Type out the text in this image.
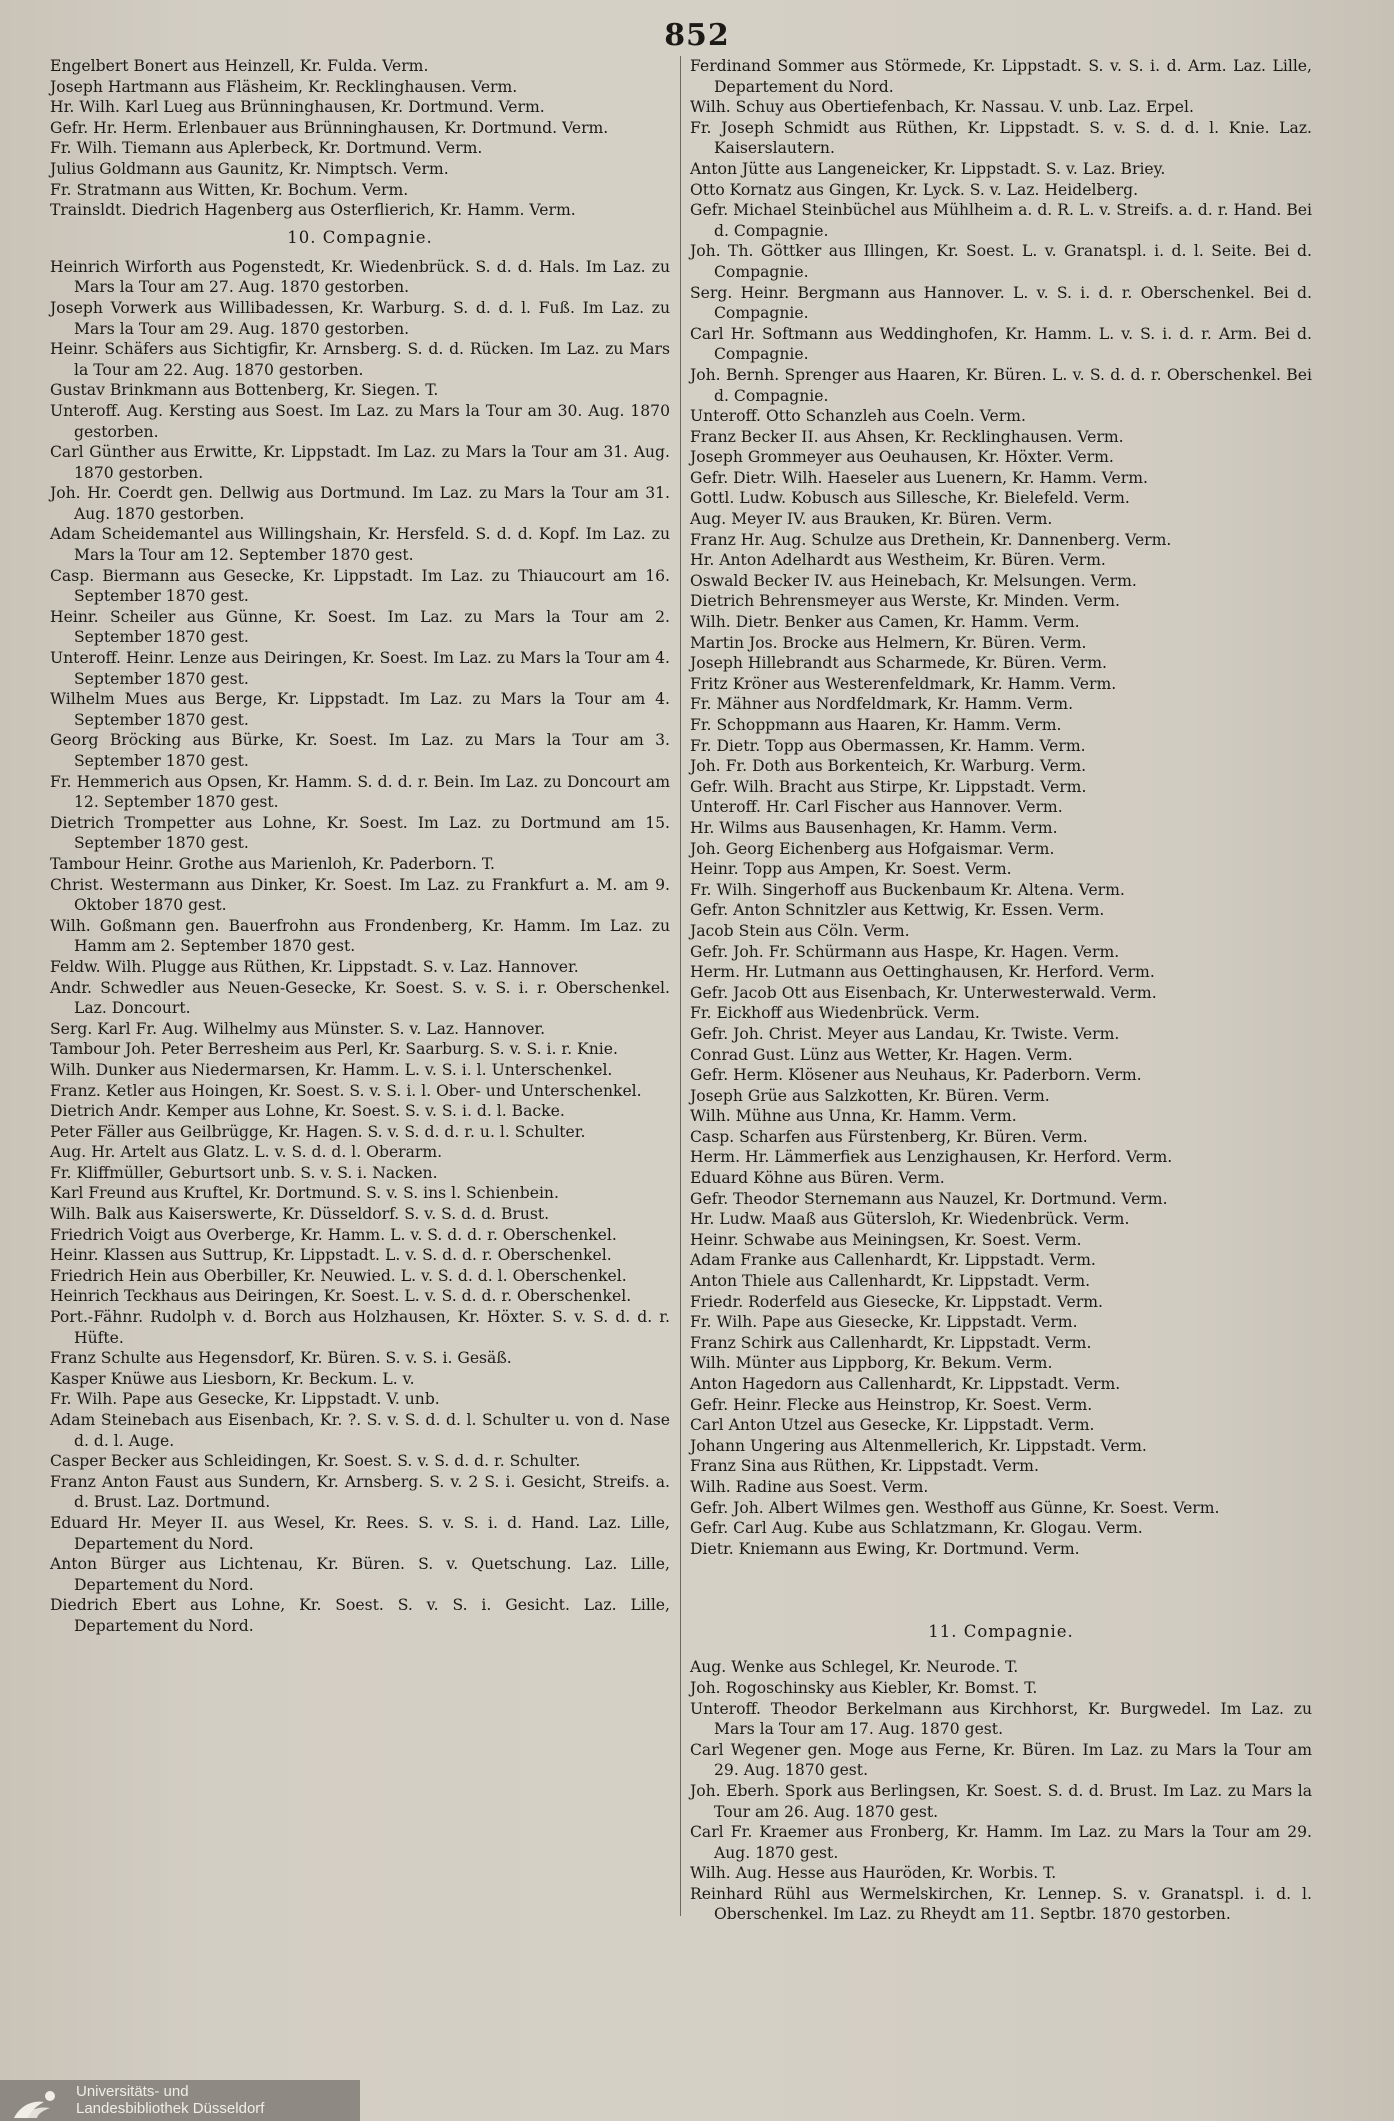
852
Engelbert Bonert aus Heinzell, Kr. Fulda. Verm.
Joseph Hartmann aus Fläsheim, Kr. Recklinghausen. Verm.
Hr. Wilh. Karl Lueg aus Brünninghausen, Kr. Dortmund. Verm.
Gefr. Hr. Herm. Erlenbauer aus Brünninghausen, Kr. Dortmund. Verm.
Fr. Wilh. Tiemann aus Aplerbeck, Kr. Dortmund. Verm.
Julius Goldmann aus Gaunitz, Kr. Nimptsch. Verm.
Fr. Stratmann aus Witten, Kr. Bochum. Verm.
Trainsldt. Diedrich Hagenberg aus Osterflierich, Kr. Hamm. Verm.
10. Compagnie.
Heinrich Wirforth aus Pogenstedt, Kr. Wiedenbrück. S. d. d. Hals. Im Laz. zu Mars la Tour am 27. Aug. 1870 gestorben.
Joseph Vorwerk aus Willibadessen, Kr. Warburg. S. d. d. l. Fuß. Im Laz. zu Mars la Tour am 29. Aug. 1870 gestorben.
Heinr. Schäfers aus Sichtigfir, Kr. Arnsberg. S. d. d. Rücken. Im Laz. zu Mars la Tour am 22. Aug. 1870 gestorben.
Gustav Brinkmann aus Bottenberg, Kr. Siegen. T.
Unteroff. Aug. Kersting aus Soest. Im Laz. zu Mars la Tour am 30. Aug. 1870 gestorben.
Carl Günther aus Erwitte, Kr. Lippstadt. Im Laz. zu Mars la Tour am 31. Aug. 1870 gestorben.
Joh. Hr. Coerdt gen. Dellwig aus Dortmund. Im Laz. zu Mars la Tour am 31. Aug. 1870 gestorben.
Adam Scheidemantel aus Willingshain, Kr. Hersfeld. S. d. d. Kopf. Im Laz. zu Mars la Tour am 12. September 1870 gest.
Casp. Biermann aus Gesecke, Kr. Lippstadt. Im Laz. zu Thiaucourt am 16. September 1870 gest.
Heinr. Scheiler aus Günne, Kr. Soest. Im Laz. zu Mars la Tour am 2. September 1870 gest.
Unteroff. Heinr. Lenze aus Deiringen, Kr. Soest. Im Laz. zu Mars la Tour am 4. September 1870 gest.
Wilhelm Mues aus Berge, Kr. Lippstadt. Im Laz. zu Mars la Tour am 4. September 1870 gest.
Georg Bröcking aus Bürke, Kr. Soest. Im Laz. zu Mars la Tour am 3. September 1870 gest.
Fr. Hemmerich aus Opsen, Kr. Hamm. S. d. d. r. Bein. Im Laz. zu Doncourt am 12. September 1870 gest.
Dietrich Trompetter aus Lohne, Kr. Soest. Im Laz. zu Dortmund am 15. September 1870 gest.
Tambour Heinr. Grothe aus Marienloh, Kr. Paderborn. T.
Christ. Westermann aus Dinker, Kr. Soest. Im Laz. zu Frankfurt a. M. am 9. Oktober 1870 gest.
Wilh. Goßmann gen. Bauerfrohn aus Frondenberg, Kr. Hamm. Im Laz. zu Hamm am 2. September 1870 gest.
Feldw. Wilh. Plugge aus Rüthen, Kr. Lippstadt. S. v. Laz. Hannover.
Andr. Schwedler aus Neuen-Gesecke, Kr. Soest. S. v. S. i. r. Oberschenkel. Laz. Doncourt.
Serg. Karl Fr. Aug. Wilhelmy aus Münster. S. v. Laz. Hannover.
Tambour Joh. Peter Berresheim aus Perl, Kr. Saarburg. S. v. S. i. r. Knie.
Wilh. Dunker aus Niedermarsen, Kr. Hamm. L. v. S. i. l. Unterschenkel.
Franz. Ketler aus Hoingen, Kr. Soest. S. v. S. i. l. Ober- und Unterschenkel.
Dietrich Andr. Kemper aus Lohne, Kr. Soest. S. v. S. i. d. l. Backe.
Peter Fäller aus Geilbrügge, Kr. Hagen. S. v. S. d. d. r. u. l. Schulter.
Aug. Hr. Artelt aus Glatz. L. v. S. d. d. l. Oberarm.
Fr. Kliffmüller, Geburtsort unb. S. v. S. i. Nacken.
Karl Freund aus Kruftel, Kr. Dortmund. S. v. S. ins l. Schienbein.
Wilh. Balk aus Kaiserswerte, Kr. Düsseldorf. S. v. S. d. d. Brust.
Friedrich Voigt aus Overberge, Kr. Hamm. L. v. S. d. d. r. Oberschenkel.
Heinr. Klassen aus Suttrup, Kr. Lippstadt. L. v. S. d. d. r. Oberschenkel.
Friedrich Hein aus Oberbiller, Kr. Neuwied. L. v. S. d. d. l. Oberschenkel.
Heinrich Teckhaus aus Deiringen, Kr. Soest. L. v. S. d. d. r. Oberschenkel.
Port.-Fähnr. Rudolph v. d. Borch aus Holzhausen, Kr. Höxter. S. v. S. d. d. r. Hüfte.
Franz Schulte aus Hegensdorf, Kr. Büren. S. v. S. i. Gesäß.
Kasper Knüwe aus Liesborn, Kr. Beckum. L. v.
Fr. Wilh. Pape aus Gesecke, Kr. Lippstadt. V. unb.
Adam Steinebach aus Eisenbach, Kr. ?. S. v. S. d. d. l. Schulter u. von d. Nase d. d. l. Auge.
Casper Becker aus Schleidingen, Kr. Soest. S. v. S. d. d. r. Schulter.
Franz Anton Faust aus Sundern, Kr. Arnsberg. S. v. 2 S. i. Gesicht, Streifs. a. d. Brust. Laz. Dortmund.
Eduard Hr. Meyer II. aus Wesel, Kr. Rees. S. v. S. i. d. Hand. Laz. Lille, Departement du Nord.
Anton Bürger aus Lichtenau, Kr. Büren. S. v. Quetschung. Laz. Lille, Departement du Nord.
Diedrich Ebert aus Lohne, Kr. Soest. S. v. S. i. Gesicht. Laz. Lille, Departement du Nord.
Ferdinand Sommer aus Störmede, Kr. Lippstadt. S. v. S. i. d. Arm. Laz. Lille, Departement du Nord.
Wilh. Schuy aus Obertiefenbach, Kr. Nassau. V. unb. Laz. Erpel.
Fr. Joseph Schmidt aus Rüthen, Kr. Lippstadt. S. v. S. d. d. l. Knie. Laz. Kaiserslautern.
Anton Jütte aus Langeneicker, Kr. Lippstadt. S. v. Laz. Briey.
Otto Kornatz aus Gingen, Kr. Lyck. S. v. Laz. Heidelberg.
Gefr. Michael Steinbüchel aus Mühlheim a. d. R. L. v. Streifs. a. d. r. Hand. Bei d. Compagnie.
Joh. Th. Göttker aus Illingen, Kr. Soest. L. v. Granatspl. i. d. l. Seite. Bei d. Compagnie.
Serg. Heinr. Bergmann aus Hannover. L. v. S. i. d. r. Oberschenkel. Bei d. Compagnie.
Carl Hr. Softmann aus Weddinghofen, Kr. Hamm. L. v. S. i. d. r. Arm. Bei d. Compagnie.
Joh. Bernh. Sprenger aus Haaren, Kr. Büren. L. v. S. d. d. r. Oberschenkel. Bei d. Compagnie.
Unteroff. Otto Schanzleh aus Coeln. Verm.
Franz Becker II. aus Ahsen, Kr. Recklinghausen. Verm.
Joseph Grommeyer aus Oeuhausen, Kr. Höxter. Verm.
Gefr. Dietr. Wilh. Haeseler aus Luenern, Kr. Hamm. Verm.
Gottl. Ludw. Kobusch aus Sillesche, Kr. Bielefeld. Verm.
Aug. Meyer IV. aus Brauken, Kr. Büren. Verm.
Franz Hr. Aug. Schulze aus Drethein, Kr. Dannenberg. Verm.
Hr. Anton Adelhardt aus Westheim, Kr. Büren. Verm.
Oswald Becker IV. aus Heinebach, Kr. Melsungen. Verm.
Dietrich Behrensmeyer aus Werste, Kr. Minden. Verm.
Wilh. Dietr. Benker aus Camen, Kr. Hamm. Verm.
Martin Jos. Brocke aus Helmern, Kr. Büren. Verm.
Joseph Hillebrandt aus Scharmede, Kr. Büren. Verm.
Fritz Kröner aus Westerenfeldmark, Kr. Hamm. Verm.
Fr. Mähner aus Nordfeldmark, Kr. Hamm. Verm.
Fr. Schoppmann aus Haaren, Kr. Hamm. Verm.
Fr. Dietr. Topp aus Obermassen, Kr. Hamm. Verm.
Joh. Fr. Doth aus Borkenteich, Kr. Warburg. Verm.
Gefr. Wilh. Bracht aus Stirpe, Kr. Lippstadt. Verm.
Unteroff. Hr. Carl Fischer aus Hannover. Verm.
Hr. Wilms aus Bausenhagen, Kr. Hamm. Verm.
Joh. Georg Eichenberg aus Hofgaismar. Verm.
Heinr. Topp aus Ampen, Kr. Soest. Verm.
Fr. Wilh. Singerhoff aus Buckenbaum Kr. Altena. Verm.
Gefr. Anton Schnitzler aus Kettwig, Kr. Essen. Verm.
Jacob Stein aus Cöln. Verm.
Gefr. Joh. Fr. Schürmann aus Haspe, Kr. Hagen. Verm.
Herm. Hr. Lutmann aus Oettinghausen, Kr. Herford. Verm.
Gefr. Jacob Ott aus Eisenbach, Kr. Unterwesterwald. Verm.
Fr. Eickhoff aus Wiedenbrück. Verm.
Gefr. Joh. Christ. Meyer aus Landau, Kr. Twiste. Verm.
Conrad Gust. Lünz aus Wetter, Kr. Hagen. Verm.
Gefr. Herm. Klösener aus Neuhaus, Kr. Paderborn. Verm.
Joseph Grüe aus Salzkotten, Kr. Büren. Verm.
Wilh. Mühne aus Unna, Kr. Hamm. Verm.
Casp. Scharfen aus Fürstenberg, Kr. Büren. Verm.
Herm. Hr. Lämmerfiek aus Lenzighausen, Kr. Herford. Verm.
Eduard Köhne aus Büren. Verm.
Gefr. Theodor Sternemann aus Nauzel, Kr. Dortmund. Verm.
Hr. Ludw. Maaß aus Gütersloh, Kr. Wiedenbrück. Verm.
Heinr. Schwabe aus Meiningsen, Kr. Soest. Verm.
Adam Franke aus Callenhardt, Kr. Lippstadt. Verm.
Anton Thiele aus Callenhardt, Kr. Lippstadt. Verm.
Friedr. Roderfeld aus Giesecke, Kr. Lippstadt. Verm.
Fr. Wilh. Pape aus Giesecke, Kr. Lippstadt. Verm.
Franz Schirk aus Callenhardt, Kr. Lippstadt. Verm.
Wilh. Münter aus Lippborg, Kr. Bekum. Verm.
Anton Hagedorn aus Callenhardt, Kr. Lippstadt. Verm.
Gefr. Heinr. Flecke aus Heinstrop, Kr. Soest. Verm.
Carl Anton Utzel aus Gesecke, Kr. Lippstadt. Verm.
Johann Ungering aus Altenmellerich, Kr. Lippstadt. Verm.
Franz Sina aus Rüthen, Kr. Lippstadt. Verm.
Wilh. Radine aus Soest. Verm.
Gefr. Joh. Albert Wilmes gen. Westhoff aus Günne, Kr. Soest. Verm.
Gefr. Carl Aug. Kube aus Schlatzmann, Kr. Glogau. Verm.
Dietr. Kniemann aus Ewing, Kr. Dortmund. Verm.
11. Compagnie.
Aug. Wenke aus Schlegel, Kr. Neurode. T.
Joh. Rogoschinsky aus Kiebler, Kr. Bomst. T.
Unteroff. Theodor Berkelmann aus Kirchhorst, Kr. Burgwedel. Im Laz. zu Mars la Tour am 17. Aug. 1870 gest.
Carl Wegener gen. Moge aus Ferne, Kr. Büren. Im Laz. zu Mars la Tour am 29. Aug. 1870 gest.
Joh. Eberh. Spork aus Berlingsen, Kr. Soest. S. d. d. Brust. Im Laz. zu Mars la Tour am 26. Aug. 1870 gest.
Carl Fr. Kraemer aus Fronberg, Kr. Hamm. Im Laz. zu Mars la Tour am 29. Aug. 1870 gest.
Wilh. Aug. Hesse aus Hauröden, Kr. Worbis. T.
Reinhard Rühl aus Wermelskirchen, Kr. Lennep. S. v. Granatspl. i. d. l. Oberschenkel. Im Laz. zu Rheydt am 11. Septbr. 1870 gestorben.
Universitäts- und
Landesbibliothek Düsseldorf
